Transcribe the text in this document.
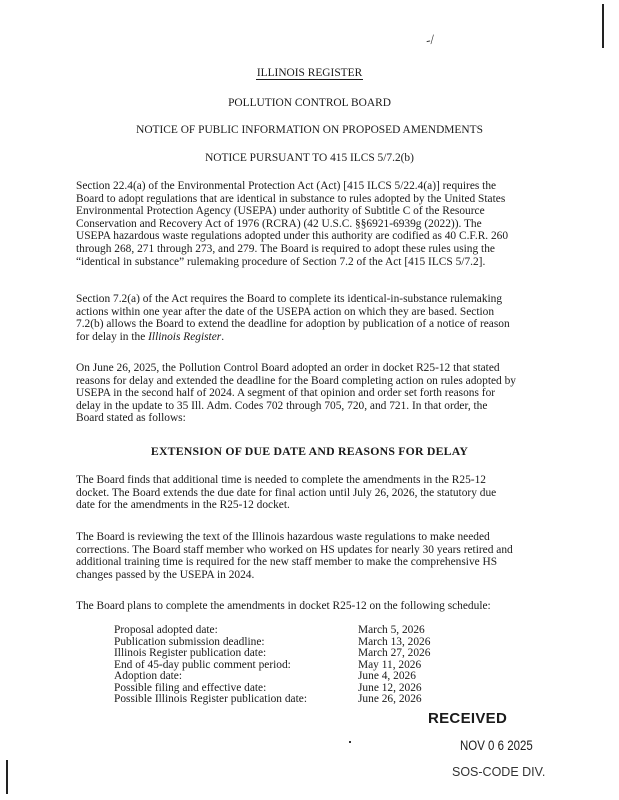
-/
ILLINOIS REGISTER
POLLUTION CONTROL BOARD
NOTICE OF PUBLIC INFORMATION ON PROPOSED AMENDMENTS
NOTICE PURSUANT TO 415 ILCS 5/7.2(b)
Section 22.4(a) of the Environmental Protection Act (Act) [415 ILCS 5/22.4(a)] requires the
Board to adopt regulations that are identical in substance to rules adopted by the United States
Environmental Protection Agency (USEPA) under authority of Subtitle C of the Resource
Conservation and Recovery Act of 1976 (RCRA) (42 U.S.C. §§6921-6939g (2022)). The
USEPA hazardous waste regulations adopted under this authority are codified as 40 C.F.R. 260
through 268, 271 through 273, and 279. The Board is required to adopt these rules using the
“identical in substance” rulemaking procedure of Section 7.2 of the Act [415 ILCS 5/7.2].
Section 7.2(a) of the Act requires the Board to complete its identical-in-substance rulemaking
actions within one year after the date of the USEPA action on which they are based. Section
7.2(b) allows the Board to extend the deadline for adoption by publication of a notice of reason
for delay in the Illinois Register.
On June 26, 2025, the Pollution Control Board adopted an order in docket R25-12 that stated
reasons for delay and extended the deadline for the Board completing action on rules adopted by
USEPA in the second half of 2024. A segment of that opinion and order set forth reasons for
delay in the update to 35 Ill. Adm. Codes 702 through 705, 720, and 721. In that order, the
Board stated as follows:
EXTENSION OF DUE DATE AND REASONS FOR DELAY
The Board finds that additional time is needed to complete the amendments in the R25-12
docket. The Board extends the due date for final action until July 26, 2026, the statutory due
date for the amendments in the R25-12 docket.
The Board is reviewing the text of the Illinois hazardous waste regulations to make needed
corrections. The Board staff member who worked on HS updates for nearly 30 years retired and
additional training time is required for the new staff member to make the comprehensive HS
changes passed by the USEPA in 2024.
The Board plans to complete the amendments in docket R25-12 on the following schedule:
Proposal adopted date:	March 5, 2026
Publication submission deadline:	March 13, 2026
Illinois Register publication date:	March 27, 2026
End of 45-day public comment period:	May 11, 2026
Adoption date:	June 4, 2026
Possible filing and effective date:	June 12, 2026
Possible Illinois Register publication date:	June 26, 2026
RECEIVED
NOV 0 6 2025
SOS-CODE DIV.
